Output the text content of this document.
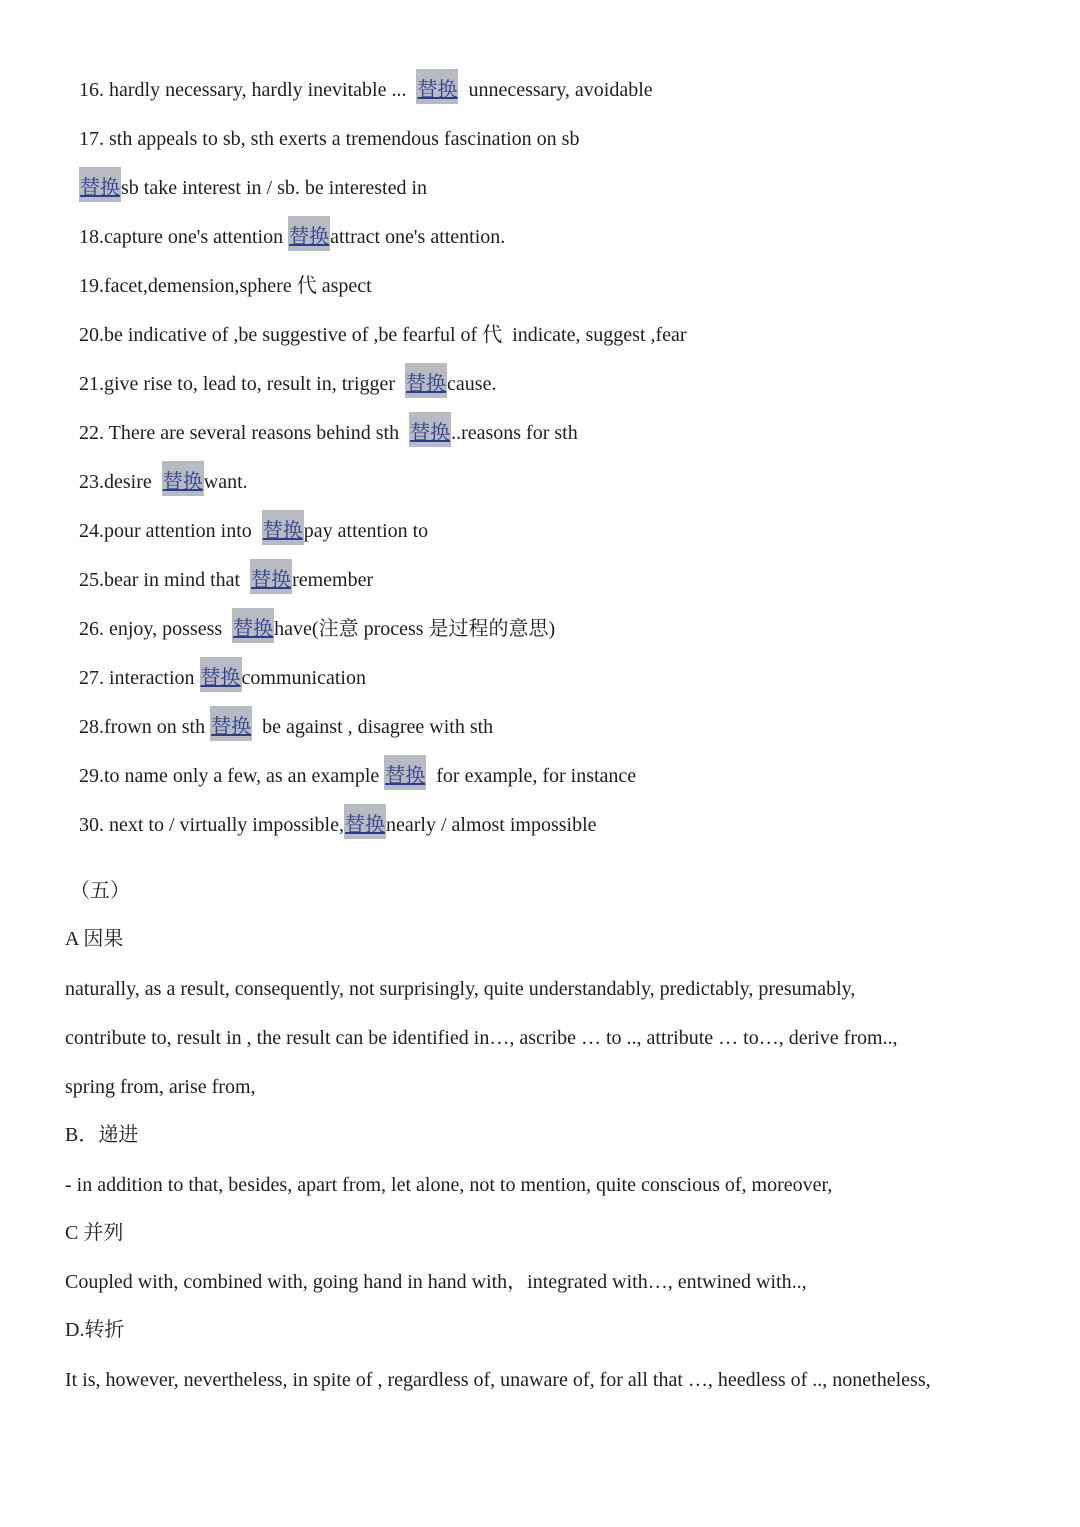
16. hardly necessary, hardly inevitable ...  替换  unnecessary, avoidable
17. sth appeals to sb, sth exerts a tremendous fascination on sb
替换sb take interest in / sb. be interested in
18.capture one's attention 替换attract one's attention.
19.facet,demension,sphere 代 aspect
20.be indicative of ,be suggestive of ,be fearful of 代  indicate, suggest ,fear
21.give rise to, lead to, result in, trigger  替换cause.
22. There are several reasons behind sth  替换..reasons for sth
23.desire  替换want.
24.pour attention into  替换pay attention to
25.bear in mind that  替换remember
26. enjoy, possess  替换have(注意 process 是过程的意思)
27. interaction 替换communication
28.frown on sth 替换  be against , disagree with sth
29.to name only a few, as an example 替换  for example, for instance
30. next to / virtually impossible,替换nearly / almost impossible
（五）
A 因果
naturally, as a result, consequently, not surprisingly, quite understandably, predictably, presumably,
contribute to, result in , the result can be identified in…, ascribe … to .., attribute … to…, derive from..,
spring from, arise from,
B．递进
- in addition to that, besides, apart from, let alone, not to mention, quite conscious of, moreover,
C 并列
Coupled with, combined with, going hand in hand with，integrated with…, entwined with..,
D.转折
It is, however, nevertheless, in spite of , regardless of, unaware of, for all that …, heedless of .., nonetheless,
